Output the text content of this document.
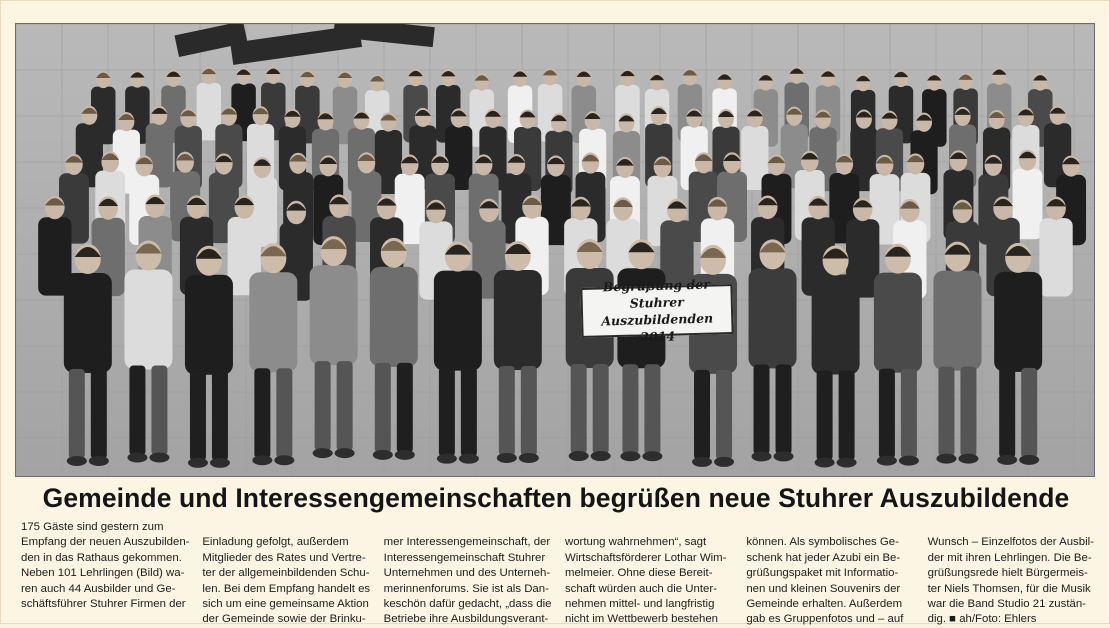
Begrüßung der Stuhrer
Auszubildenden 2014
Gemeinde und Interessengemeinschaften begrüßen neue Stuhrer Auszubildende

175 Gäste sind gestern zum
Empfang der neuen Auszubilden-
den in das Rathaus gekommen.
Neben 101 Lehrlingen (Bild) wa-
ren auch 44 Ausbilder und Ge-
schäftsführer Stuhrer Firmen der

Einladung gefolgt, außerdem
Mitglieder des Rates und Vertre-
ter der allgemeinbildenden Schu-
len. Bei dem Empfang handelt es
sich um eine gemeinsame Aktion
der Gemeinde sowie der Brinku-

mer Interessengemeinschaft, der
Interessengemeinschaft Stuhrer
Unternehmen und des Unterneh-
merinnenforums. Sie ist als Dan-
keschön dafür gedacht, „dass die
Betriebe ihre Ausbildungsverant-

wortung wahrnehmen“, sagt
Wirtschaftsförderer Lothar Wim-
melmeier. Ohne diese Bereit-
schaft würden auch die Unter-
nehmen mittel- und langfristig
nicht im Wettbewerb bestehen

können. Als symbolisches Ge-
schenk hat jeder Azubi ein Be-
grüßungspaket mit Informatio-
nen und kleinen Souvenirs der
Gemeinde erhalten. Außerdem
gab es Gruppenfotos und – auf

Wunsch – Einzelfotos der Ausbil-
der mit ihren Lehrlingen. Die Be-
grüßungsrede hielt Bürgermeis-
ter Niels Thomsen, für die Musik
war die Band Studio 21 zustän-
dig. ■ ah/Foto: Ehlers
